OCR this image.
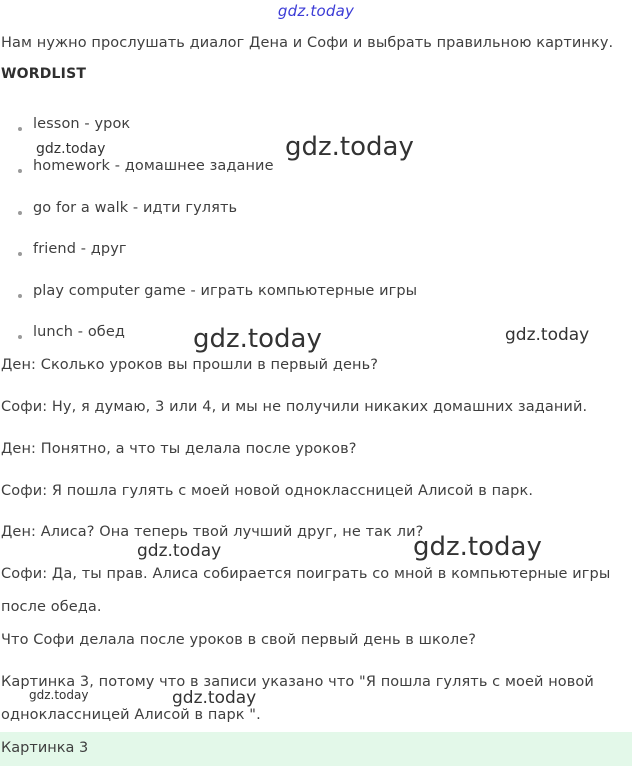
gdz.today
Нам нужно прослушать диалог Дена и Софи и выбрать правильною картинку.
WORDLIST
lesson - урок
homework - домашнее задание
go for a walk - идти гулять
friend - друг
play computer game - играть компьютерные игры
lunch - обед
Ден: Сколько уроков вы прошли в первый день?
Софи: Ну, я думаю, 3 или 4, и мы не получили никаких домашних заданий.
Ден: Понятно, а что ты делала после уроков?
Софи: Я пошла гулять с моей новой одноклассницей Алисой в парк.
Ден: Алиса? Она теперь твой лучший друг, не так ли?
Софи: Да, ты прав. Алиса собирается поиграть со мной в компьютерные игры
после обеда.
Что Софи делала после уроков в свой первый день в школе?
Картинка 3, потому что в записи указано что "Я пошла гулять с моей новой
одноклассницей Алисой в парк ".
Картинка 3
gdz.today
gdz.today
gdz.today	gdz.today
gdz.today	gdz.today
gdz.today	gdz.today
